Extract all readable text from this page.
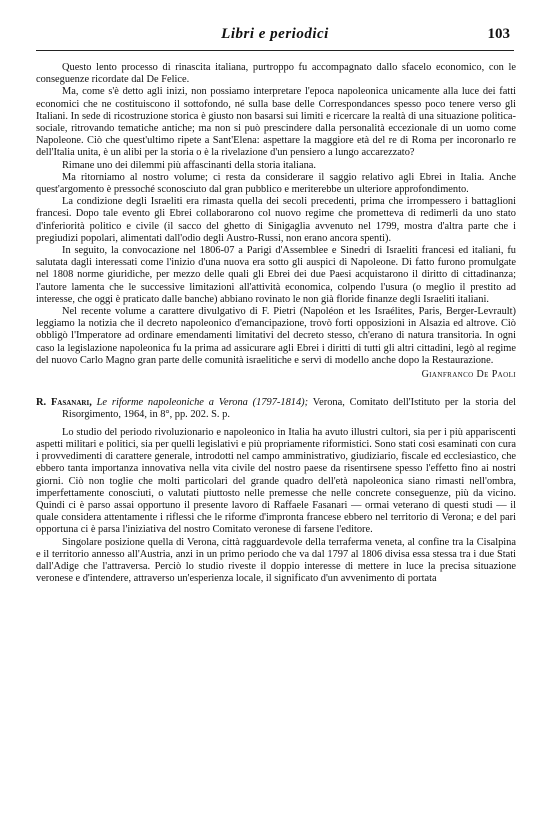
Libri e periodici	103

Questo lento processo di rinascita italiana, purtroppo fu accompagnato dallo sfacelo economico, con le conseguenze ricordate dal De Felice.

Ma, come s'è detto agli inizi, non possiamo interpretare l'epoca napoleonica unicamente alla luce dei fatti economici che ne costituiscono il sottofondo, né sulla base delle Correspondances spesso poco tenere verso gli Italiani. In sede di ricostruzione storica è giusto non basarsi sui limiti e ricercare la realtà di una situazione politica-sociale, ritrovando tematiche antiche; ma non si può prescindere dalla personalità eccezionale di un uomo come Napoleone. Ciò che quest'ultimo ripete a Sant'Elena: aspettare la maggiore età del re di Roma per incoronarlo re dell'Italia unita, è un alibi per la storia o è la rivelazione d'un pensiero a lungo accarezzato?

Rimane uno dei dilemmi più affascinanti della storia italiana.

Ma ritorniamo al nostro volume; ci resta da considerare il saggio relativo agli Ebrei in Italia. Anche quest'argomento è pressoché sconosciuto dal gran pubblico e meriterebbe un ulteriore approfondimento.

La condizione degli Israeliti era rimasta quella dei secoli precedenti, prima che irrompessero i battaglioni francesi. Dopo tale evento gli Ebrei collaborarono col nuovo regime che prometteva di redimerli da uno stato d'inferiorità politico e civile (il sacco del ghetto di Sinigaglia avvenuto nel 1799, mostra d'altra parte che i pregiudizi popolari, alimentati dall'odio degli Austro-Russi, non erano ancora spenti).

In seguito, la convocazione nel 1806-07 a Parigi d'Assemblee e Sinedri di Israeliti francesi ed italiani, fu salutata dagli interessati come l'inizio d'una nuova era sotto gli auspici di Napoleone. Di fatto furono promulgate nel 1808 norme giuridiche, per mezzo delle quali gli Ebrei dei due Paesi acquistarono il diritto di cittadinanza; l'autore lamenta che le successive limitazioni all'attività economica, colpendo l'usura (o meglio il prestito ad interesse, che oggi è praticato dalle banche) abbiano rovinato le non già floride finanze degli Israeliti italiani.

Nel recente volume a carattere divulgativo di F. Pietri (Napoléon et les Israélites, Paris, Berger-Levrault) leggiamo la notizia che il decreto napoleonico d'emancipazione, trovò forti opposizioni in Alsazia ed altrove. Ciò obbligò l'Imperatore ad ordinare emendamenti limitativi del decreto stesso, ch'erano di natura transitoria. In ogni caso la legislazione napoleonica fu la prima ad assicurare agli Ebrei i diritti di tutti gli altri cittadini, legò al regime del nuovo Carlo Magno gran parte delle comunità israelitiche e servì di modello anche dopo la Restaurazione.

Gianfranco De Paoli

R. Fasanari, Le riforme napoleoniche a Verona (1797-1814); Verona, Comitato dell'Istituto per la storia del Risorgimento, 1964, in 8°, pp. 202. S. p.

Lo studio del periodo rivoluzionario e napoleonico in Italia ha avuto illustri cultori, sia per i più appariscenti aspetti militari e politici, sia per quelli legislativi e più propriamente riformistici. Sono stati così esaminati con cura i provvedimenti di carattere generale, introdotti nel campo amministrativo, giudiziario, fiscale ed ecclesiastico, che ebbero tanta importanza innovativa nella vita civile del nostro paese da risentirsene spesso l'effetto fino ai nostri giorni. Ciò non toglie che molti particolari del grande quadro dell'età napoleonica siano rimasti nell'ombra, imperfettamente conosciuti, o valutati piuttosto nelle premesse che nelle concrete conseguenze, più da vicino. Quindi ci è parso assai opportuno il presente lavoro di Raffaele Fasanari — ormai veterano di questi studi — il quale considera attentamente i riflessi che le riforme d'impronta francese ebbero nel territorio di Verona; e del pari opportuna ci è parsa l'iniziativa del nostro Comitato veronese di farsene l'editore.

Singolare posizione quella di Verona, città ragguardevole della terraferma veneta, al confine tra la Cisalpina e il territorio annesso all'Austria, anzi in un primo periodo che va dal 1797 al 1806 divisa essa stessa tra i due Stati dall'Adige che l'attraversa. Perciò lo studio riveste il doppio interesse di mettere in luce la precisa situazione veronese e d'intendere, attraverso un'esperienza locale, il significato d'un avvenimento di portata
